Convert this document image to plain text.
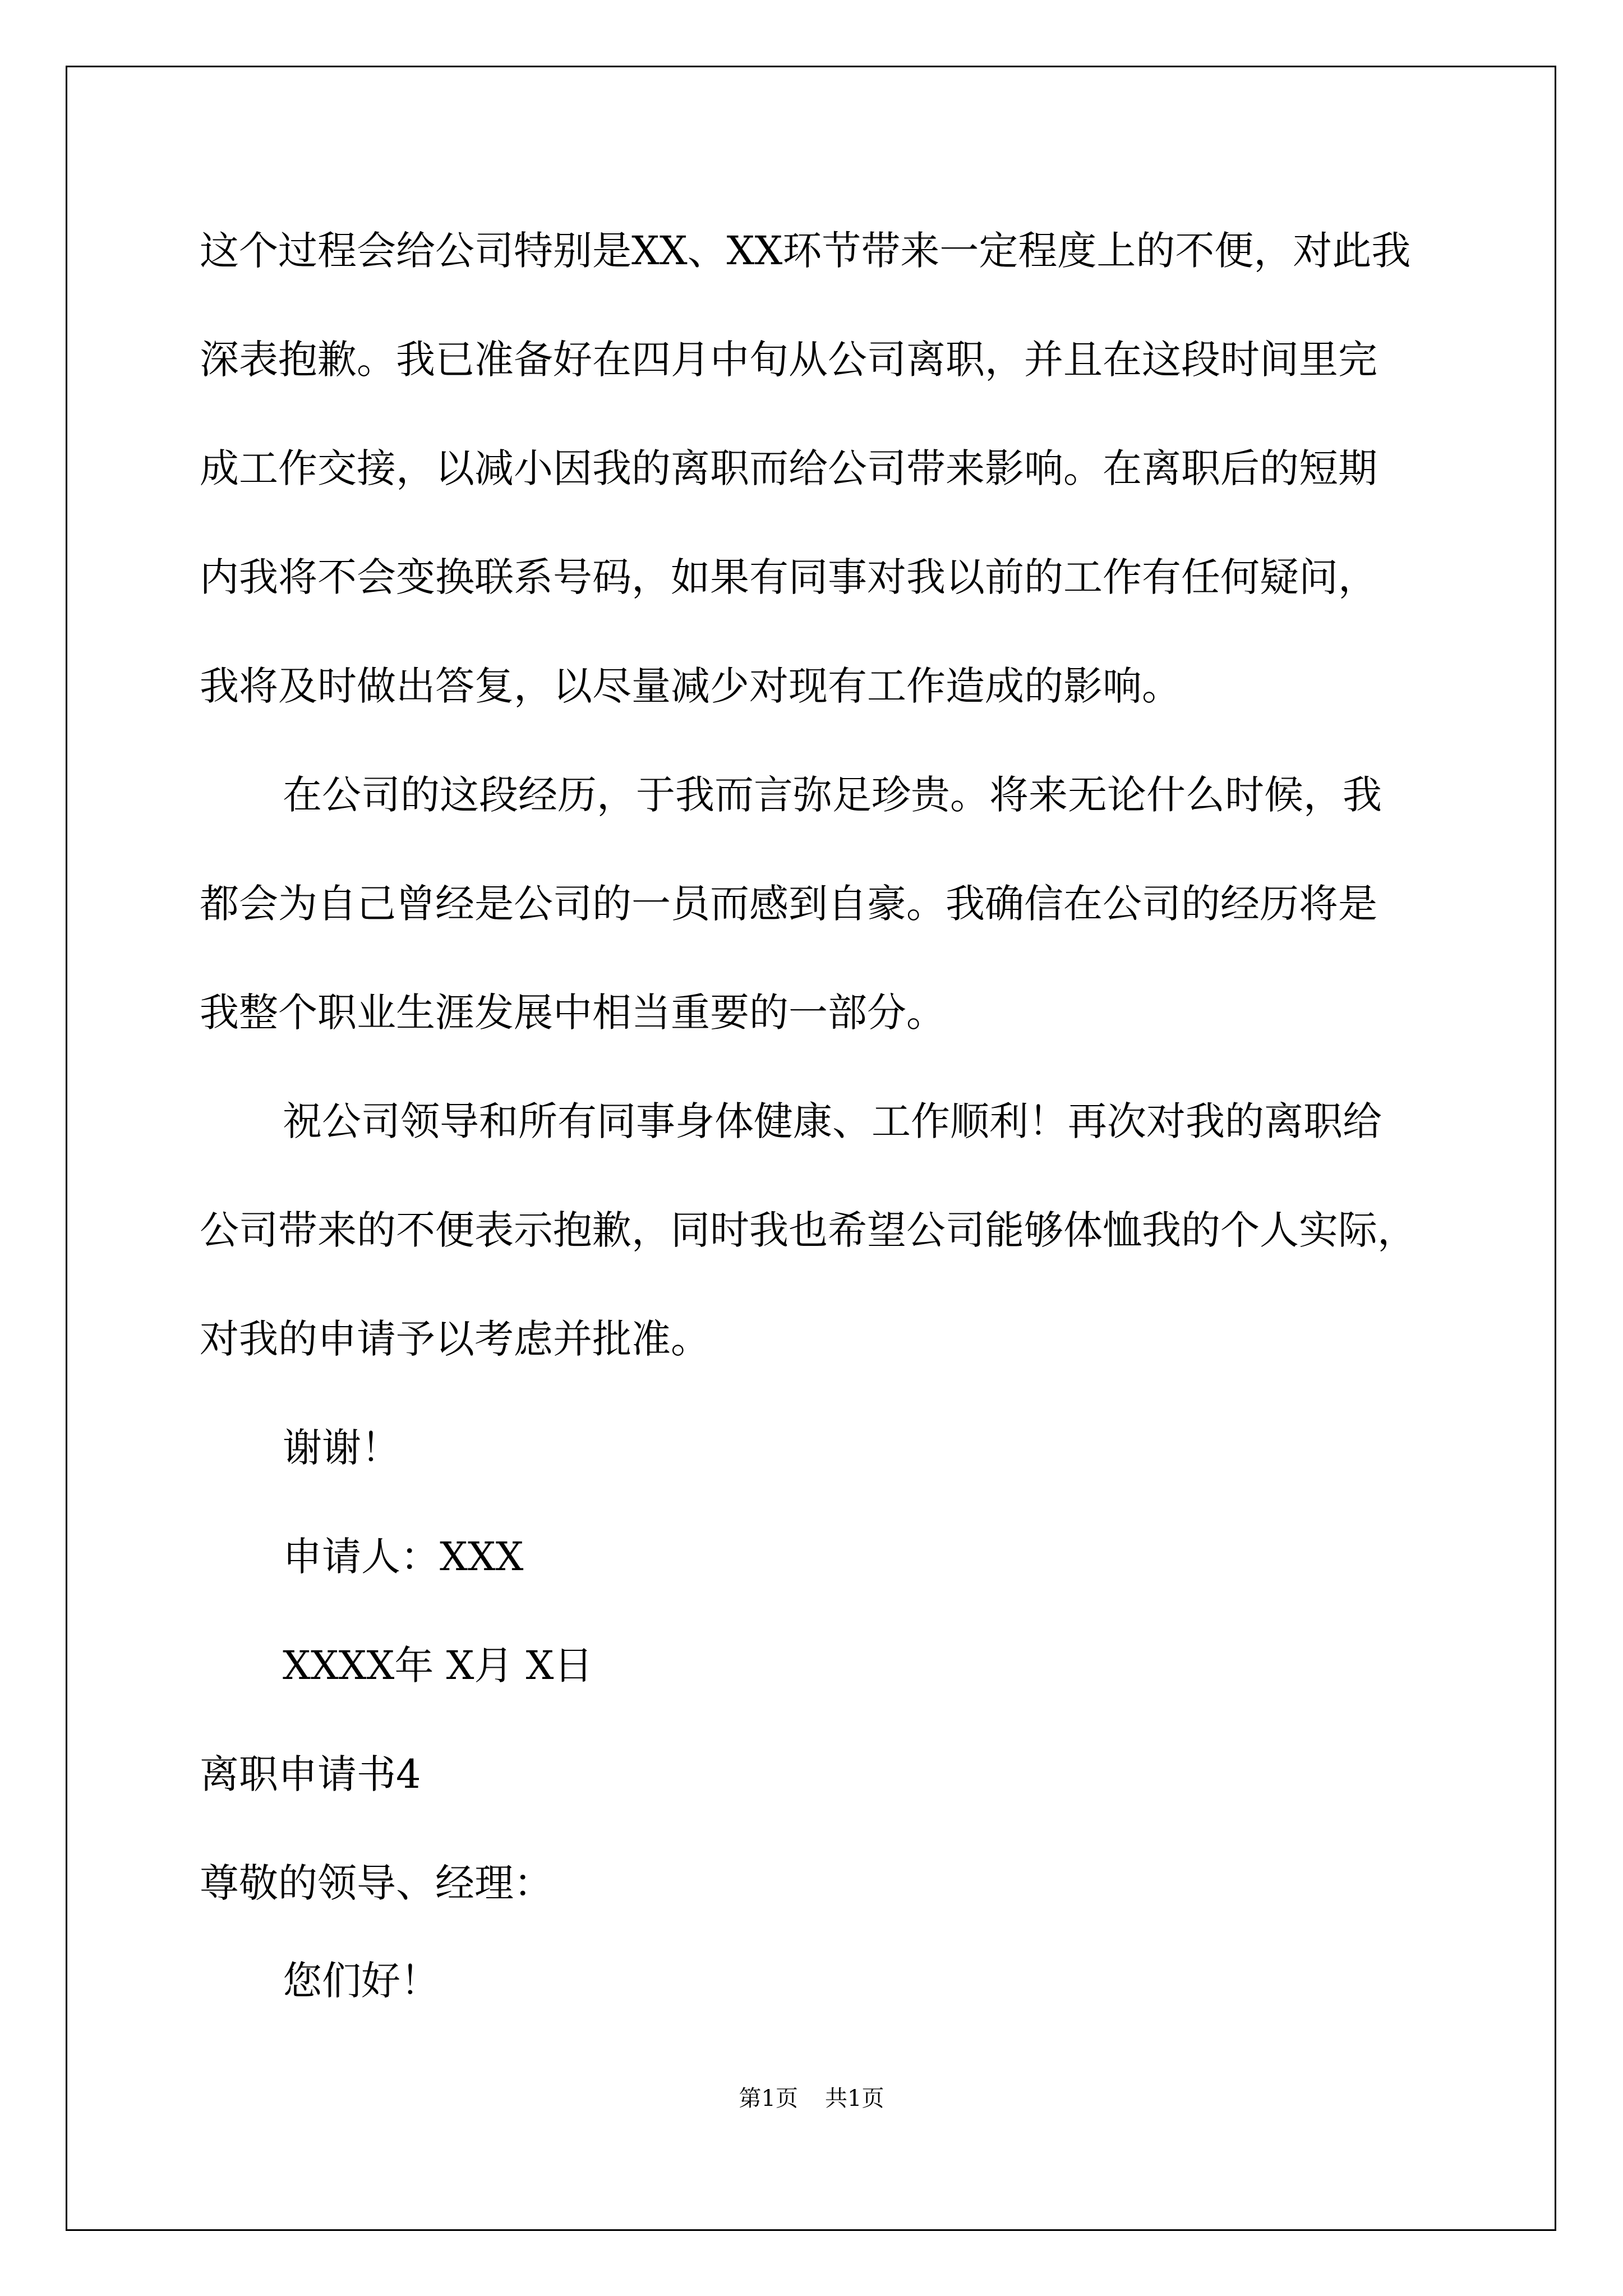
这个过程会给公司特别是XX、XX环节带来一定程度上的不便，对此我
深表抱歉。我已准备好在四月中旬从公司离职，并且在这段时间里完
成工作交接，以减小因我的离职而给公司带来影响。在离职后的短期
内我将不会变换联系号码，如果有同事对我以前的工作有任何疑问，
我将及时做出答复，以尽量减少对现有工作造成的影响。
在公司的这段经历，于我而言弥足珍贵。将来无论什么时候，我
都会为自己曾经是公司的一员而感到自豪。我确信在公司的经历将是
我整个职业生涯发展中相当重要的一部分。
祝公司领导和所有同事身体健康、工作顺利！再次对我的离职给
公司带来的不便表示抱歉，同时我也希望公司能够体恤我的个人实际，
对我的申请予以考虑并批准。
谢谢！
申请人：XXX
XXXX年 X月 X日
离职申请书4
尊敬的领导、经理：
您们好！
第1页 共1页
